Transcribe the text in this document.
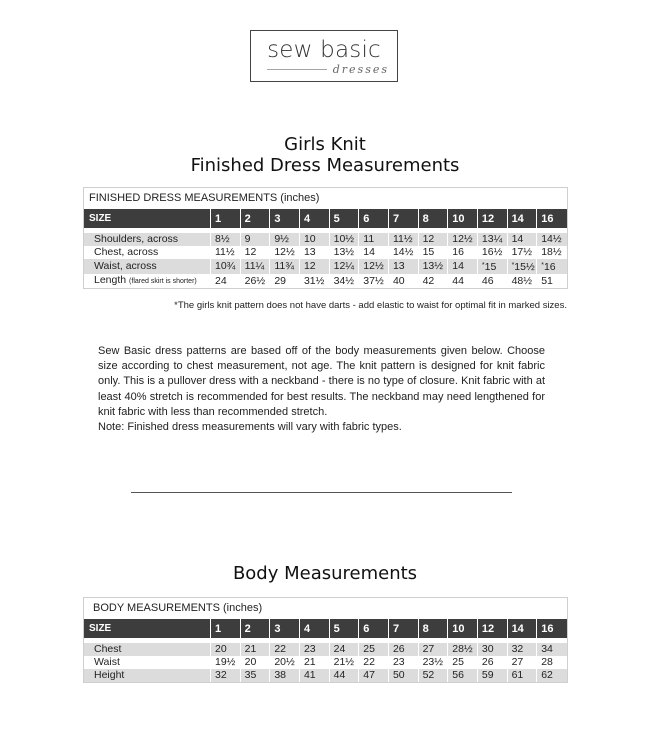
sew basic
dresses
Girls Knit
Finished Dress Measurements
FINISHED DRESS MEASUREMENTS (inches)
SIZE	1	2	3	4	5	6	7	8	10	12	14	16

Shoulders, across	8½	9	9½	10	10½	11	11½	12	12½	13¼	14	14½
Chest, across	11½	12	12½	13	13½	14	14½	15	16	16½	17½	18½
Waist, across	10¾	11¼	11¾	12	12¼	12½	13	13½	14	*15	*15½	*16
Length (flared skirt is shorter)	24	26½	29	31½	34½	37½	40	42	44	46	48½	51
*The girls knit pattern does not have darts - add elastic to waist for optimal fit in marked sizes.

Sew Basic dress patterns are based off of the body measurements given below. Choose size according to chest measurement, not age. The knit pattern is designed for knit fabric only. This is a pullover dress with a neckband - there is no type of closure. Knit fabric with at least 40% stretch is recommended for best results. The neckband may need lengthened for knit fabric with less than recommended stretch.

Note: Finished dress measurements will vary with fabric types.

Body Measurements
BODY MEASUREMENTS (inches)
SIZE	1	2	3	4	5	6	7	8	10	12	14	16

Chest	20	21	22	23	24	25	26	27	28½	30	32	34
Waist	19½	20	20½	21	21½	22	23	23½	25	26	27	28
Height	32	35	38	41	44	47	50	52	56	59	61	62
